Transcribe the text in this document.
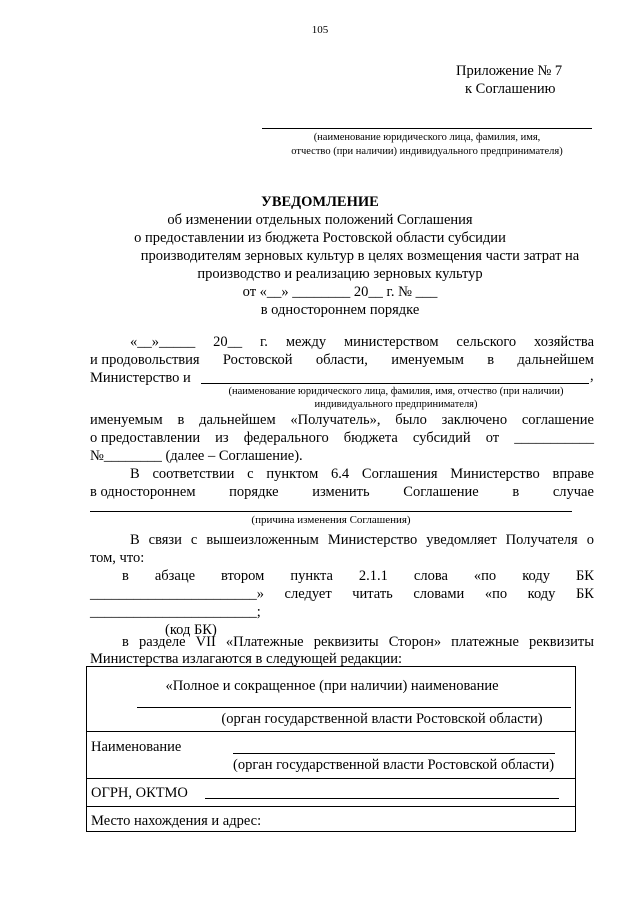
105
Приложение № 7
к Соглашению
(наименование юридического лица, фамилия, имя,
отчество (при наличии) индивидуального предпринимателя)
УВЕДОМЛЕНИЕ
об изменении отдельных положений Соглашения
о предоставлении из бюджета Ростовской области субсидии
производителям зерновых культур в целях возмещения части затрат на
производство и реализацию зерновых культур
от «__» ________ 20__ г. № ___
в одностороннем порядке
«__»_____ 20__ г. между министерством сельского хозяйства
и продовольствия Ростовской области, именуемым в дальнейшем
Министерство и	,
(наименование юридического лица, фамилия, имя, отчество (при наличии)
индивидуального предпринимателя)
именуемым в дальнейшем «Получатель», было заключено соглашение
о предоставлении из федерального бюджета субсидий от ___________
№________ (далее – Соглашение).
В соответствии с пунктом 6.4 Соглашения Министерство вправе
в одностороннем порядке изменить Соглашение в случае
(причина изменения Соглашения)
В связи с вышеизложенным Министерство уведомляет Получателя о
том, что:
в абзаце втором пункта 2.1.1 слова «по коду БК
_______________________» следует читать словами «по коду БК
_______________________;
(код БК)
в разделе VII «Платежные реквизиты Сторон» платежные реквизиты
Министерства излагаются в следующей редакции:
«Полное и сокращенное (при наличии) наименование
(орган государственной власти Ростовской области)
Наименование
(орган государственной власти Ростовской области)
ОГРН, ОКТМО
Место нахождения и адрес:
